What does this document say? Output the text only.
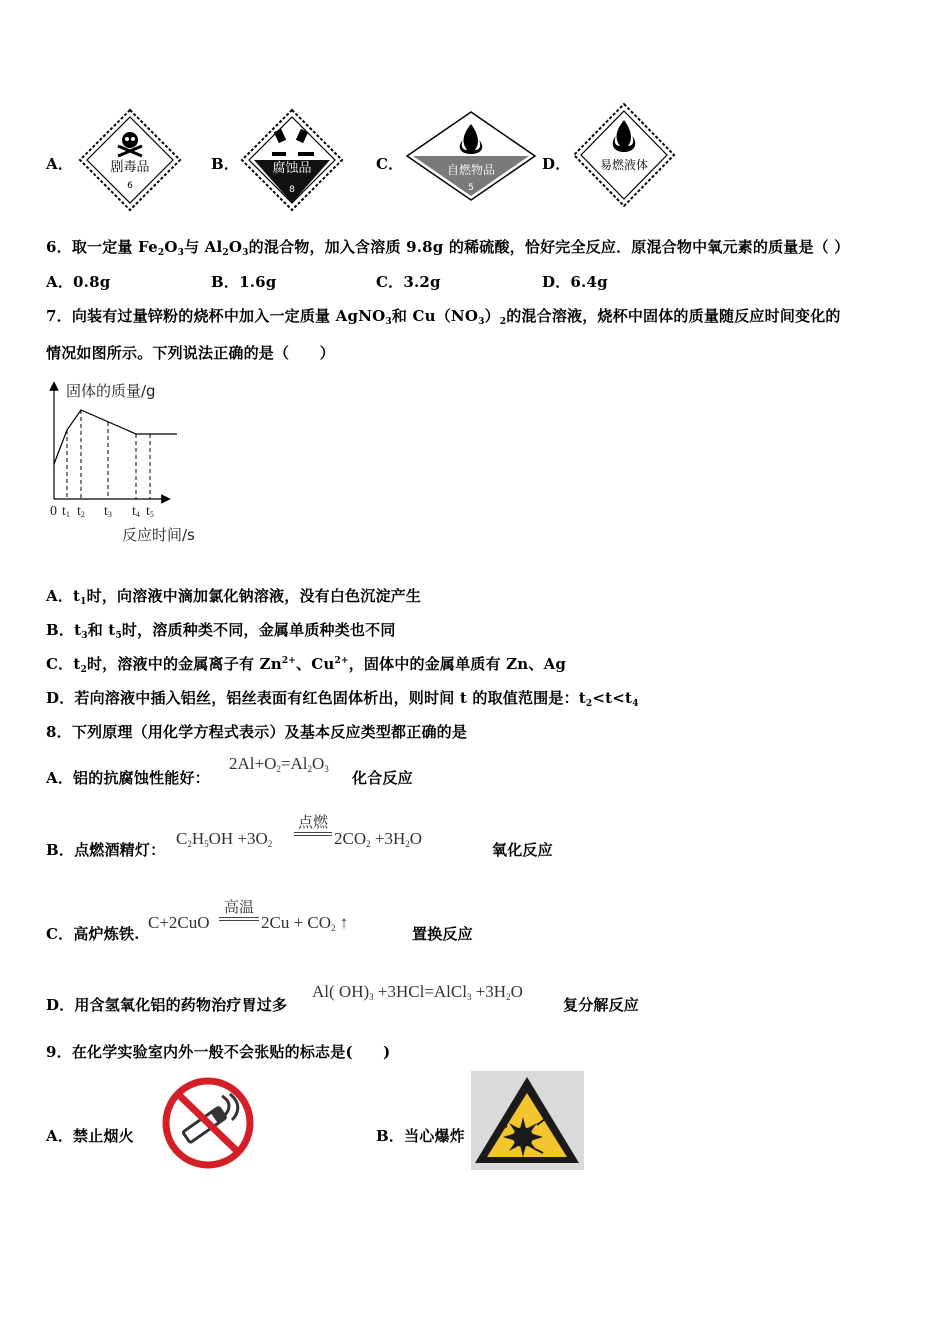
A．	剧毒品
6
B．	腐蚀品
8
C．	自燃物品
5
D． 易燃液体
6．取一定量 $Fe_2O_3$与 $Al_2O_3$的混合物，加入含溶质 9.8g 的稀硫酸，恰好完全反应．原混合物中氧元素的质量是（ ）
A．0.8g	B．1.6g	C．3.2g	D．6.4g
7．向装有过量锌粉的烧杯中加入一定质量 AgNO$_3$和 $Cu(NO_3)_2$的混合溶液，烧杯中固体的质量随反应时间变化的
情况如图所示。下列说法正确的是（　　）
固体的质量/g
0 t1 t2 t3 t4 t5
反应时间/s
A．$t_1$时，向溶液中滴加氯化钠溶液，没有白色沉淀产生
B．$t_3$和 $t_5$时，溶质种类不同，金属单质种类也不同
C．$t_2$时，溶液中的金属离子有 $Zn^{2+}$、$Cu^{2+}$，固体中的金属单质有 Zn、Ag
D．若向溶液中插入铝丝，铝丝表面有红色固体析出，则时间 t 的取值范围是：$t_2<t<t_4$
8．下列原理（用化学方程式表示）及基本反应类型都正确的是
A．铝的抗腐蚀性能好：
$2Al+O_2=Al_2O_3$ 化合反应
B．点燃酒精灯：
$C_2H_5OH +3O_2$
点燃
$2CO_2 +3H_2O$
氧化反应
C．高炉炼铁.
C+2CuO
高温
$2Cu + CO_2$ ↑
置换反应
D．用含氢氧化铝的药物治疗胃过多
Al( $OH)_3$ +3HCl=AlCl$_3$ $+3H_2O$
复分解反应
9．在化学实验室内外一般不会张贴的标志是(　　)
A．禁止烟火	B．当心爆炸
